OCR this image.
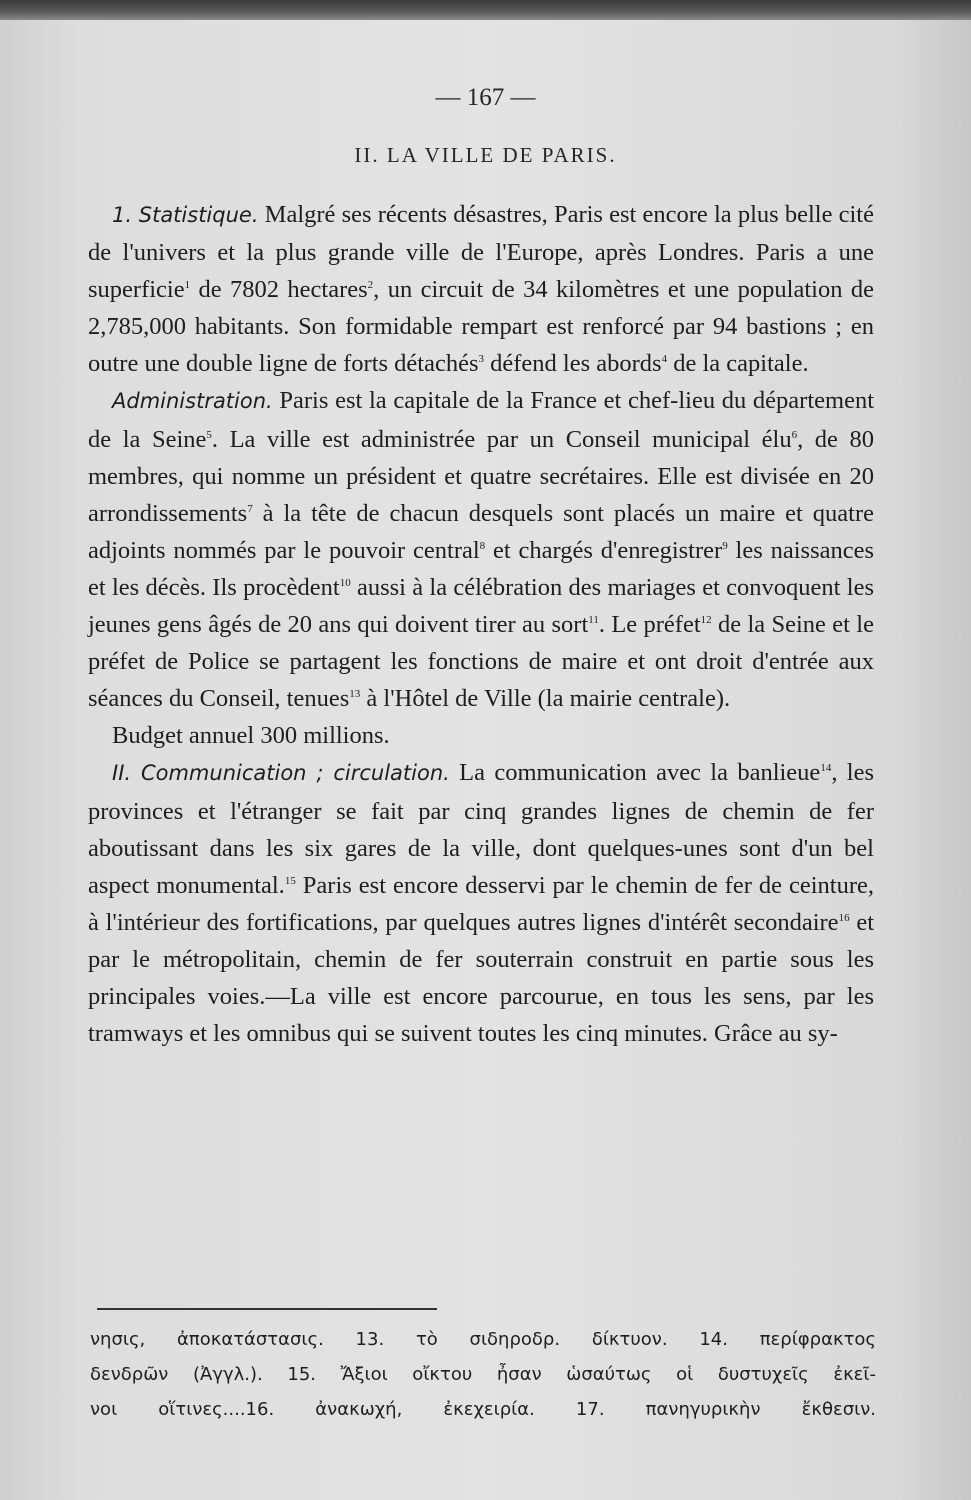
— 167 —
II. LA VILLE DE PARIS.

1. Statistique. Malgré ses récents désastres, Paris est encore la plus belle cité de l'univers et la plus grande ville de l'Europe, après Londres. Paris a une superficie$^1$ de 7802 hectares$^2$, un circuit de 34 kilomètres et une population de 2,785,000 habitants. Son formidable rempart est renforcé par 94 bastions ; en outre une double ligne de forts détachés$^3$ défend les abords$^4$ de la capitale.

Administration. Paris est la capitale de la France et chef-lieu du département de la Seine$^5$. La ville est administrée par un Conseil municipal élu$^6$, de 80 membres, qui nomme un président et quatre secrétaires. Elle est divisée en 20 arrondissements$^7$ à la tête de chacun desquels sont placés un maire et quatre adjoints nommés par le pouvoir central$^8$ et chargés d'enregistrer$^9$ les naissances et les décès. Ils procèdent$^{10}$ aussi à la célébration des mariages et convoquent les jeunes gens âgés de 20 ans qui doivent tirer au sort$^{11}$. Le préfet$^{12}$ de la Seine et le préfet de Police se partagent les fonctions de maire et ont droit d'entrée aux séances du Conseil, tenues$^{13}$ à l'Hôtel de Ville (la mairie centrale).

Budget annuel 300 millions.

II. Communication ; circulation. La communication avec la banlieue$^{14}$, les provinces et l'étranger se fait par cinq grandes lignes de chemin de fer aboutissant dans les six gares de la ville, dont quelques-unes sont d'un bel aspect monumental.$^{15}$ Paris est encore desservi par le chemin de fer de ceinture, à l'intérieur des fortifications, par quelques autres lignes d'intérêt secondaire$^{16}$ et par le métropolitain, chemin de fer souterrain construit en partie sous les principales voies.—La ville est encore parcourue, en tous les sens, par les tramways et les omnibus qui se suivent toutes les cinq minutes. Grâce au sy-

νησις, ἀποκατάστασις. 13. τὸ σιδηροδρ. δίκτυον. 14. περίφρακτος
δενδρῶν (Ἀγγλ.). 15. Ἄξιοι οἴκτου ἦσαν ὡσαύτως οἱ δυστυχεῖς ἐκεῖ-
νοι οἵτινες....16. ἀνακωχή, ἐκεχειρία. 17. πανηγυρικὴν ἔκθεσιν.
